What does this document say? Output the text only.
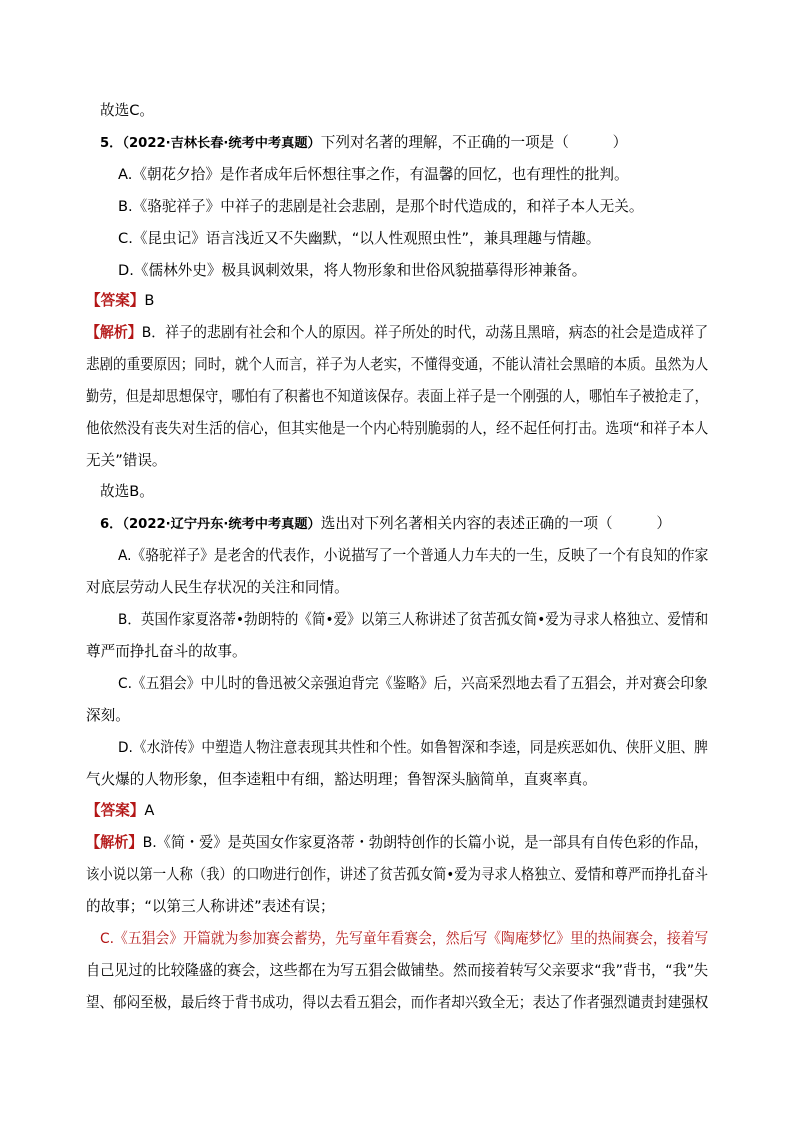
故选C。
5．（2022·吉林长春·统考中考真题）下列对名著的理解，不正确的一项是（　　　）
A.《朝花夕拾》是作者成年后怀想往事之作，有温馨的回忆，也有理性的批判。
B.《骆驼祥子》中祥子的悲剧是社会悲剧，是那个时代造成的，和祥子本人无关。
C.《昆虫记》语言浅近又不失幽默，“以人性观照虫性”，兼具理趣与情趣。
D.《儒林外史》极具讽刺效果，将人物形象和世俗风貌描摹得形神兼备。
【答案】B
【解析】B．祥子的悲剧有社会和个人的原因。祥子所处的时代，动荡且黑暗，病态的社会是造成祥了
悲剧的重要原因；同时，就个人而言，祥子为人老实，不懂得变通，不能认清社会黑暗的本质。虽然为人
勤劳，但是却思想保守，哪怕有了积蓄也不知道该保存。表面上祥子是一个刚强的人，哪怕车子被抢走了，
他依然没有丧失对生活的信心，但其实他是一个内心特别脆弱的人，经不起任何打击。选项“和祥子本人
无关”错误。
故选B。
6．（2022·辽宁丹东·统考中考真题）选出对下列名著相关内容的表述正确的一项（　　　）
A.《骆驼祥子》是老舍的代表作，小说描写了一个普通人力车夫的一生，反映了一个有良知的作家
对底层劳动人民生存状况的关注和同情。
B．英国作家夏洛蒂•勃朗特的《简•爱》以第三人称讲述了贫苦孤女简•爱为寻求人格独立、爱情和
尊严而挣扎奋斗的故事。
C.《五猖会》中儿时的鲁迅被父亲强迫背完《鉴略》后，兴高采烈地去看了五猖会，并对赛会印象
深刻。
D.《水浒传》中塑造人物注意表现其共性和个性。如鲁智深和李逵，同是疾恶如仇、侠肝义胆、脾
气火爆的人物形象，但李逵粗中有细，豁达明理；鲁智深头脑简单，直爽率真。
【答案】A
【解析】B.《简・爱》是英国女作家夏洛蒂・勃朗特创作的长篇小说，是一部具有自传色彩的作品，
该小说以第一人称（我）的口吻进行创作，讲述了贫苦孤女简•爱为寻求人格独立、爱情和尊严而挣扎奋斗
的故事；“以第三人称讲述”表述有误；
C.《五猖会》开篇就为参加赛会蓄势，先写童年看赛会，然后写《陶庵梦忆》里的热闹赛会，接着写
自己见过的比较隆盛的赛会，这些都在为写五猖会做铺垫。然而接着转写父亲要求“我”背书，“我”失
望、郁闷至极，最后终于背书成功，得以去看五猖会，而作者却兴致全无；表达了作者强烈谴责封建强权
